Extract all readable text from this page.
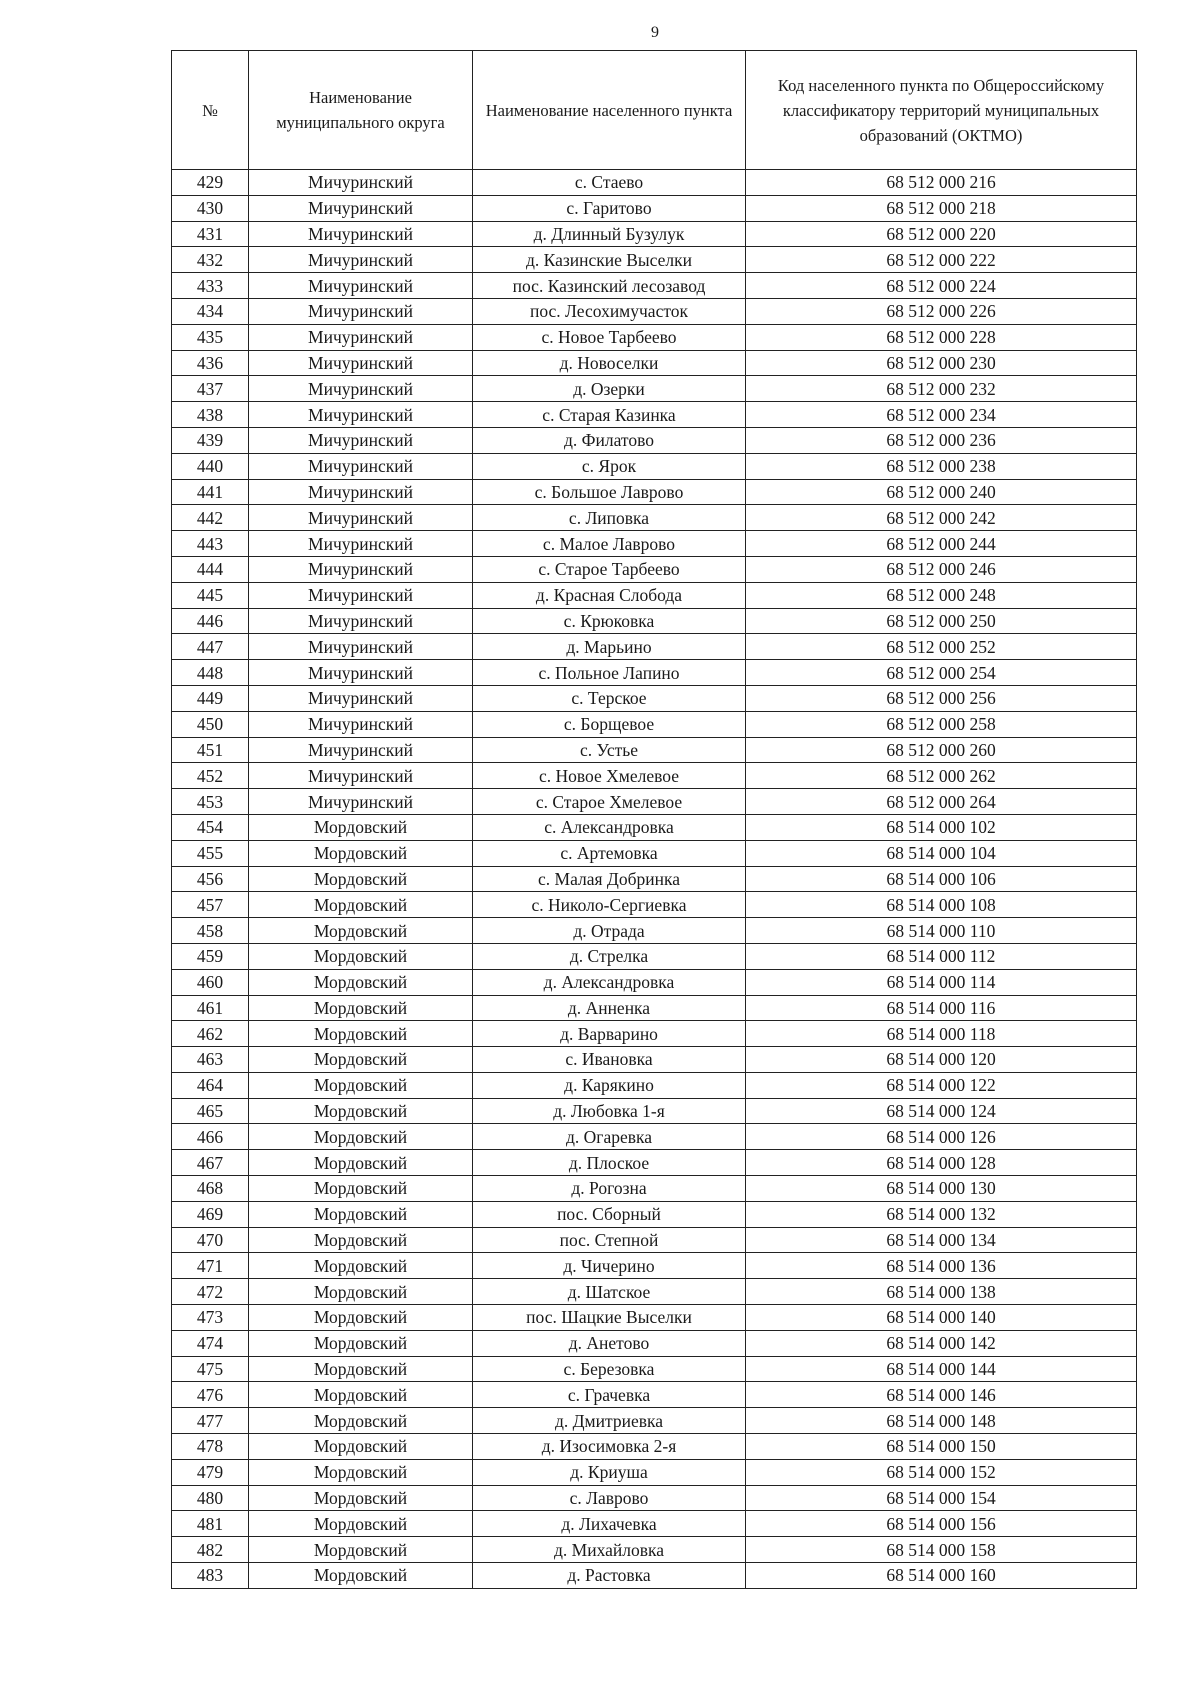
9
№	Наименование муниципального округа	Наименование населенного пункта	Код населенного пункта по Общероссийскому классификатору территорий муниципальных образований (ОКТМО)
429	Мичуринский	с. Стаево	68 512 000 216
430	Мичуринский	с. Гаритово	68 512 000 218
431	Мичуринский	д. Длинный Бузулук	68 512 000 220
432	Мичуринский	д. Казинские Выселки	68 512 000 222
433	Мичуринский	пос. Казинский лесозавод	68 512 000 224
434	Мичуринский	пос. Лесохимучасток	68 512 000 226
435	Мичуринский	с. Новое Тарбеево	68 512 000 228
436	Мичуринский	д. Новоселки	68 512 000 230
437	Мичуринский	д. Озерки	68 512 000 232
438	Мичуринский	с. Старая Казинка	68 512 000 234
439	Мичуринский	д. Филатово	68 512 000 236
440	Мичуринский	с. Ярок	68 512 000 238
441	Мичуринский	с. Большое Лаврово	68 512 000 240
442	Мичуринский	с. Липовка	68 512 000 242
443	Мичуринский	с. Малое Лаврово	68 512 000 244
444	Мичуринский	с. Старое Тарбеево	68 512 000 246
445	Мичуринский	д. Красная Слобода	68 512 000 248
446	Мичуринский	с. Крюковка	68 512 000 250
447	Мичуринский	д. Марьино	68 512 000 252
448	Мичуринский	с. Польное Лапино	68 512 000 254
449	Мичуринский	с. Терское	68 512 000 256
450	Мичуринский	с. Борщевое	68 512 000 258
451	Мичуринский	с. Устье	68 512 000 260
452	Мичуринский	с. Новое Хмелевое	68 512 000 262
453	Мичуринский	с. Старое Хмелевое	68 512 000 264
454	Мордовский	с. Александровка	68 514 000 102
455	Мордовский	с. Артемовка	68 514 000 104
456	Мордовский	с. Малая Добринка	68 514 000 106
457	Мордовский	с. Николо-Сергиевка	68 514 000 108
458	Мордовский	д. Отрада	68 514 000 110
459	Мордовский	д. Стрелка	68 514 000 112
460	Мордовский	д. Александровка	68 514 000 114
461	Мордовский	д. Анненка	68 514 000 116
462	Мордовский	д. Варварино	68 514 000 118
463	Мордовский	с. Ивановка	68 514 000 120
464	Мордовский	д. Карякино	68 514 000 122
465	Мордовский	д. Любовка 1-я	68 514 000 124
466	Мордовский	д. Огаревка	68 514 000 126
467	Мордовский	д. Плоское	68 514 000 128
468	Мордовский	д. Рогозна	68 514 000 130
469	Мордовский	пос. Сборный	68 514 000 132
470	Мордовский	пос. Степной	68 514 000 134
471	Мордовский	д. Чичерино	68 514 000 136
472	Мордовский	д. Шатское	68 514 000 138
473	Мордовский	пос. Шацкие Выселки	68 514 000 140
474	Мордовский	д. Анетово	68 514 000 142
475	Мордовский	с. Березовка	68 514 000 144
476	Мордовский	с. Грачевка	68 514 000 146
477	Мордовский	д. Дмитриевка	68 514 000 148
478	Мордовский	д. Изосимовка 2-я	68 514 000 150
479	Мордовский	д. Криуша	68 514 000 152
480	Мордовский	с. Лаврово	68 514 000 154
481	Мордовский	д. Лихачевка	68 514 000 156
482	Мордовский	д. Михайловка	68 514 000 158
483	Мордовский	д. Растовка	68 514 000 160
